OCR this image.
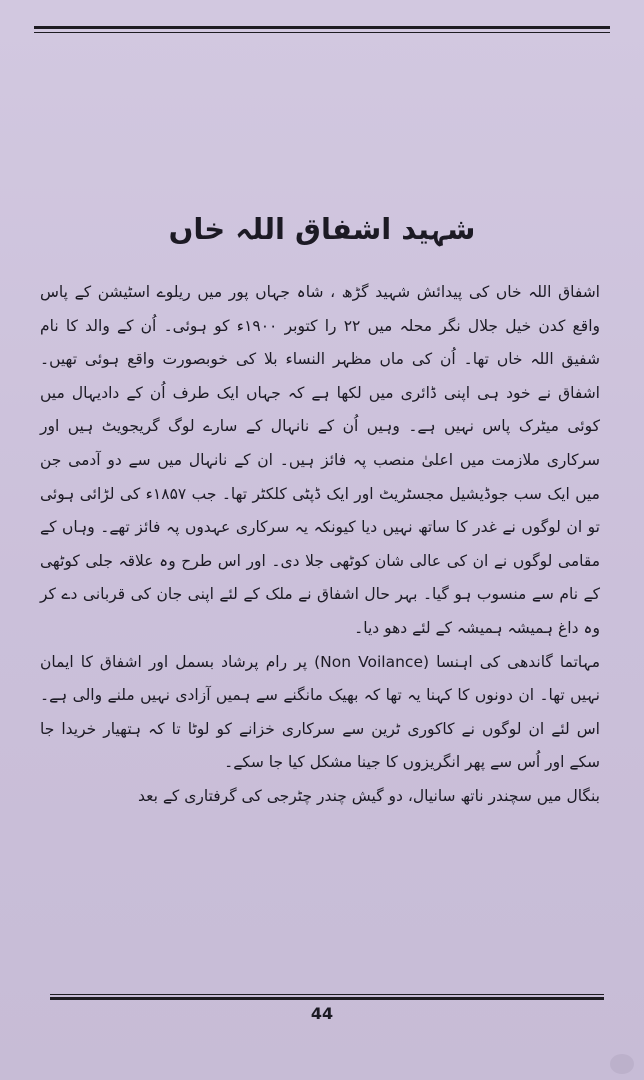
شہید اشفاق اللہ خاں

اشفاق اللہ خاں کی پیدائش شہید گڑھ ، شاہ جہاں پور میں ریلوے اسٹیشن کے پاس واقع کدن خیل جلال نگر محلہ میں ۲۲ را کتوبر ۱۹۰۰ء کو ہوئی۔ اُن کے والد کا نام شفیق اللہ خاں تھا۔ اُن کی ماں مظہر النساء بلا کی خوبصورت واقع ہوئی تھیں۔ اشفاق نے خود ہی اپنی ڈائری میں لکھا ہے کہ جہاں ایک طرف اُن کے دادیہال میں کوئی میٹرک پاس نہیں ہے۔ وہیں اُن کے نانہال کے سارے لوگ گریجویٹ ہیں اور سرکاری ملازمت میں اعلیٰ منصب پہ فائز ہیں۔ ان کے نانہال میں سے دو آدمی جن میں ایک سب جوڈیشیل مجسٹریٹ اور ایک ڈپٹی کلکٹر تھا۔ جب ۱۸۵۷ء کی لڑائی ہوئی تو ان لوگوں نے غدر کا ساتھ نہیں دیا کیونکہ یہ سرکاری عہدوں پہ فائز تھے۔ وہاں کے مقامی لوگوں نے ان کی عالی شان کوٹھی جلا دی۔ اور اس طرح وہ علاقہ جلی کوٹھی کے نام سے منسوب ہو گیا۔ بہر حال اشفاق نے ملک کے لئے اپنی جان کی قربانی دے کر وہ داغ ہمیشہ ہمیشہ کے لئے دھو دیا۔

مہاتما گاندھی کی اہنسا (Non Voilance) پر رام پرشاد بسمل اور اشفاق کا ایمان نہیں تھا۔ ان دونوں کا کہنا یہ تھا کہ بھیک مانگنے سے ہمیں آزادی نہیں ملنے والی ہے۔ اس لئے ان لوگوں نے کاکوری ٹرین سے سرکاری خزانے کو لوٹا تا کہ ہتھیار خریدا جا سکے اور اُس سے پھر انگریزوں کا جینا مشکل کیا جا سکے۔

بنگال میں سچندر ناتھ سانیال، دو گیش چندر چٹرجی کی گرفتاری کے بعد

44
